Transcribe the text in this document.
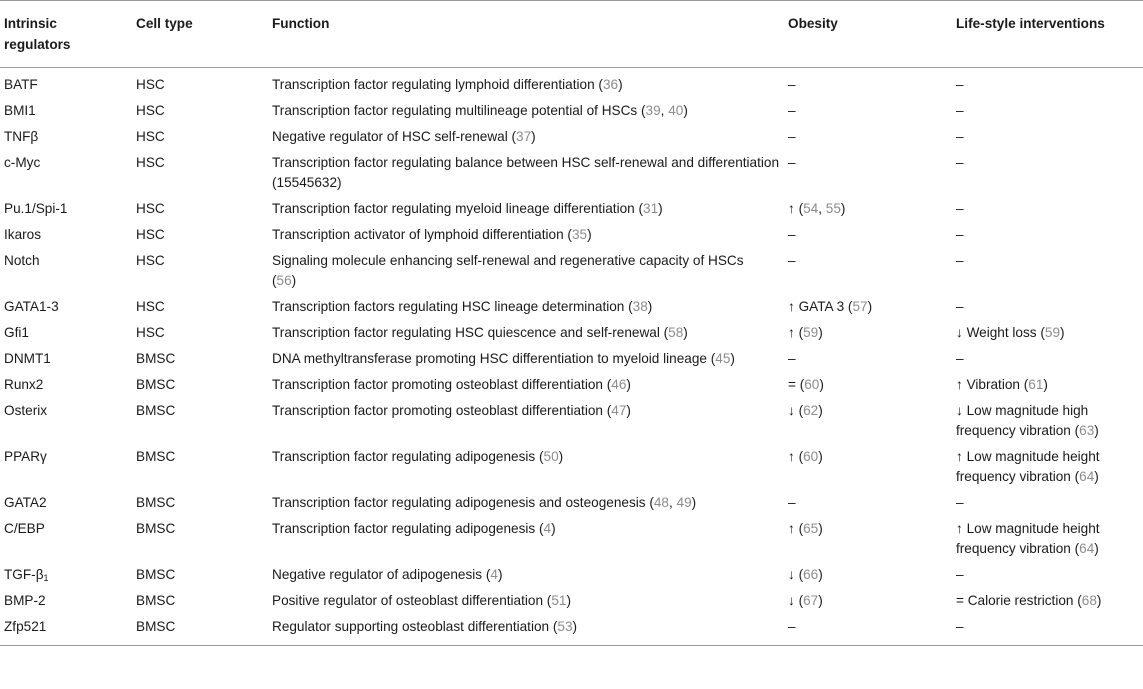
Intrinsic regulators	Cell type	Function	Obesity	Life-style interventions
BATF	HSC	Transcription factor regulating lymphoid differentiation (36)	–	–
BMI1	HSC	Transcription factor regulating multilineage potential of HSCs (39, 40)	–	–
TNFβ	HSC	Negative regulator of HSC self-renewal (37)	–	–
c-Myc	HSC	Transcription factor regulating balance between HSC self-renewal and differentiation (15545632)	–	–
Pu.1/Spi-1	HSC	Transcription factor regulating myeloid lineage differentiation (31)	↑ (54, 55)	–
Ikaros	HSC	Transcription activator of lymphoid differentiation (35)	–	–
Notch	HSC	Signaling molecule enhancing self-renewal and regenerative capacity of HSCs (56)	–	–
GATA1-3	HSC	Transcription factors regulating HSC lineage determination (38)	↑ GATA 3 (57)	–
Gfi1	HSC	Transcription factor regulating HSC quiescence and self-renewal (58)	↑ (59)	↓ Weight loss (59)
DNMT1	BMSC	DNA methyltransferase promoting HSC differentiation to myeloid lineage (45)	–	–
Runx2	BMSC	Transcription factor promoting osteoblast differentiation (46)	= (60)	↑ Vibration (61)
Osterix	BMSC	Transcription factor promoting osteoblast differentiation (47)	↓ (62)	↓ Low magnitude high frequency vibration (63)
PPARγ	BMSC	Transcription factor regulating adipogenesis (50)	↑ (60)	↑ Low magnitude height frequency vibration (64)
GATA2	BMSC	Transcription factor regulating adipogenesis and osteogenesis (48, 49)	–	–
C/EBP	BMSC	Transcription factor regulating adipogenesis (4)	↑ (65)	↑ Low magnitude height frequency vibration (64)
TGF-$\beta_1$	BMSC	Negative regulator of adipogenesis (4)	↓ (66)	–
BMP-2	BMSC	Positive regulator of osteoblast differentiation (51)	↓ (67)	= Calorie restriction (68)
Zfp521	BMSC	Regulator supporting osteoblast differentiation (53)	–	–
